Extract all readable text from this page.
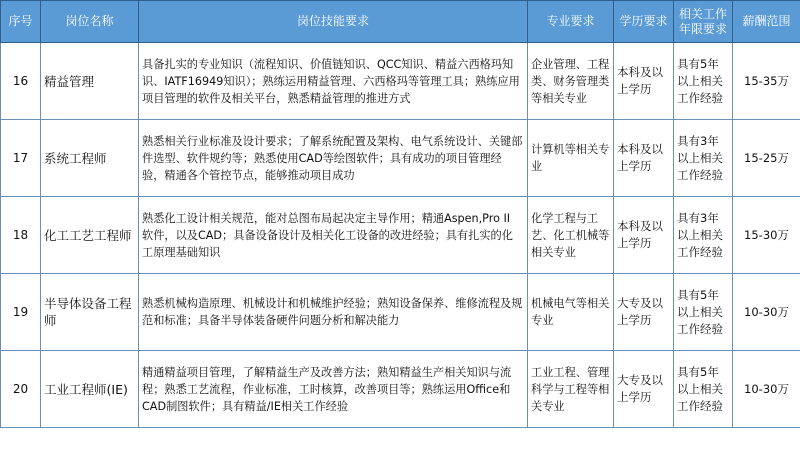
序号	岗位名称	岗位技能要求	专业要求	学历要求	相关工作年限要求	薪酬范围
16	精益管理	具备扎实的专业知识（流程知识、价值链知识、QCC知识、精益六西格玛知识、IATF16949知识）；熟练运用精益管理、六西格玛等管理工具；熟练应用项目管理的软件及相关平台，熟悉精益管理的推进方式	企业管理、工程类、财务管理类等相关专业	本科及以上学历	具有5年以上相关工作经验	15-35万
17	系统工程师	熟悉相关行业标准及设计要求；了解系统配置及架构、电气系统设计、关键部件选型、软件规约等；熟悉使用CAD等绘图软件；具有成功的项目管理经验，精通各个管控节点，能够推动项目成功	计算机等相关专业	本科及以上学历	具有3年以上相关工作经验	15-25万
18	化工工艺工程师	熟悉化工设计相关规范，能对总图布局起决定主导作用；精通Aspen,Pro II 软件，以及CAD；具备设备设计及相关化工设备的改进经验；具有扎实的化工原理基础知识	化学工程与工艺、化工机械等相关专业	本科及以上学历	具有3年以上相关工作经验	15-30万
19	半导体设备工程师	熟悉机械构造原理、机械设计和机械维护经验；熟知设备保养、维修流程及规范和标准；具备半导体装备硬件问题分析和解决能力	机械电气等相关专业	大专及以上学历	具有5年以上相关工作经验	10-30万
20	工业工程师(IE)	精通精益项目管理，了解精益生产及改善方法；熟知精益生产相关知识与流程；熟悉工艺流程，作业标准，工时核算，改善项目等；熟练运用Office和CAD制图软件；具有精益/IE相关工作经验	工业工程、管理科学与工程等相关专业	大专及以上学历	具有5年以上相关工作经验	10-30万
